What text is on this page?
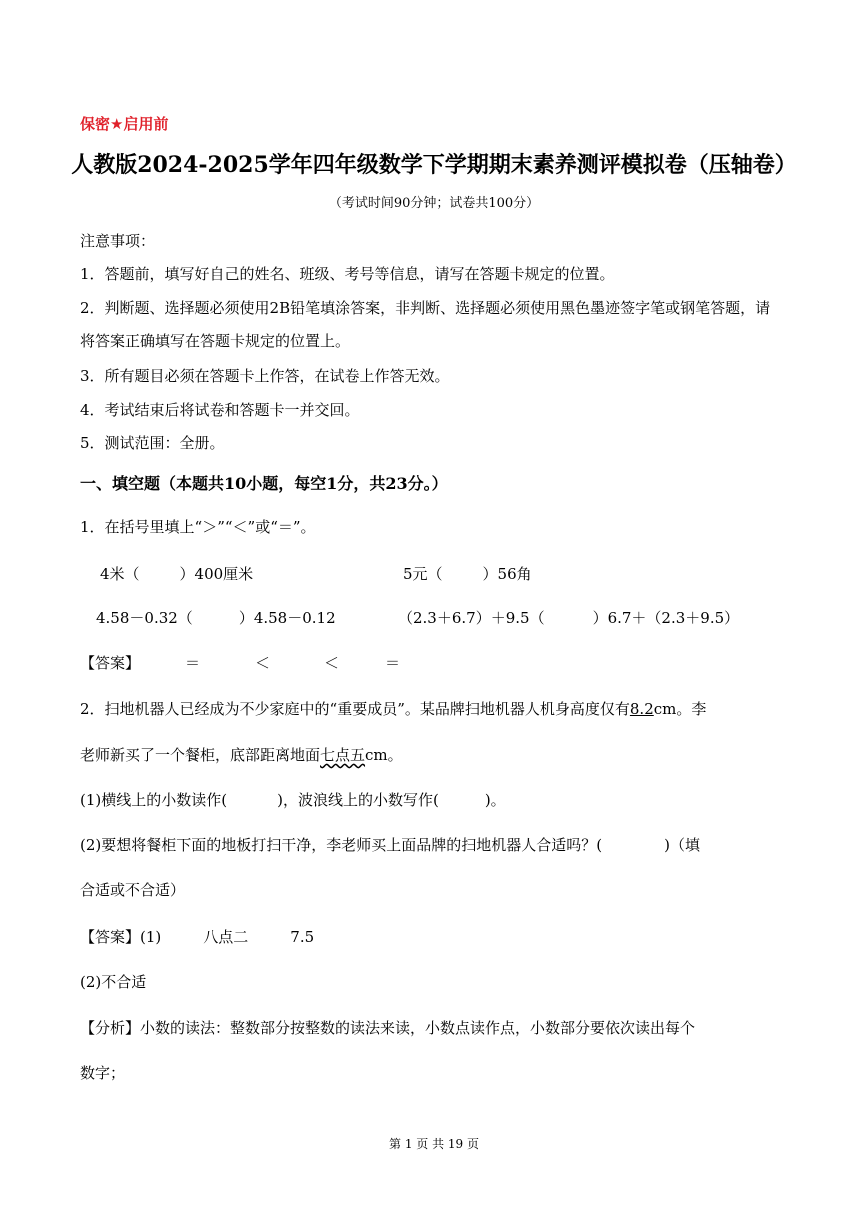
保密★启用前
人教版2024-2025学年四年级数学下学期期末素养测评模拟卷（压轴卷）
（考试时间90分钟；试卷共100分）
注意事项：
1．答题前，填写好自己的姓名、班级、考号等信息，请写在答题卡规定的位置。
2．判断题、选择题必须使用2B铅笔填涂答案，非判断、选择题必须使用黑色墨迹签字笔或钢笔答题，请
将答案正确填写在答题卡规定的位置上。
3．所有题目必须在答题卡上作答，在试卷上作答无效。
4．考试结束后将试卷和答题卡一并交回。
5．测试范围：全册。
一、填空题（本题共10小题，每空1分，共23分。）
1．在括号里填上“＞”“＜”或“＝”。
4米（	）400厘米	5元（	）56角
4.58－0.32（	）4.58－0.12	（2.3＋6.7）＋9.5（	）6.7＋（2.3＋9.5）
【答案】	＝	＜	＜	＝
2．扫地机器人已经成为不少家庭中的“重要成员”。某品牌扫地机器人机身高度仅有8.2cm。李
老师新买了一个餐柜，底部距离地面七点五cm。
(1)横线上的小数读作(	)，波浪线上的小数写作(	)。
(2)要想将餐柜下面的地板打扫干净，李老师买上面品牌的扫地机器人合适吗？(	)（填
合适或不合适）
【答案】(1)	八点二	7.5
(2)不合适
【分析】小数的读法：整数部分按整数的读法来读，小数点读作点，小数部分要依次读出每个
数字；
第 1 页 共 19 页
